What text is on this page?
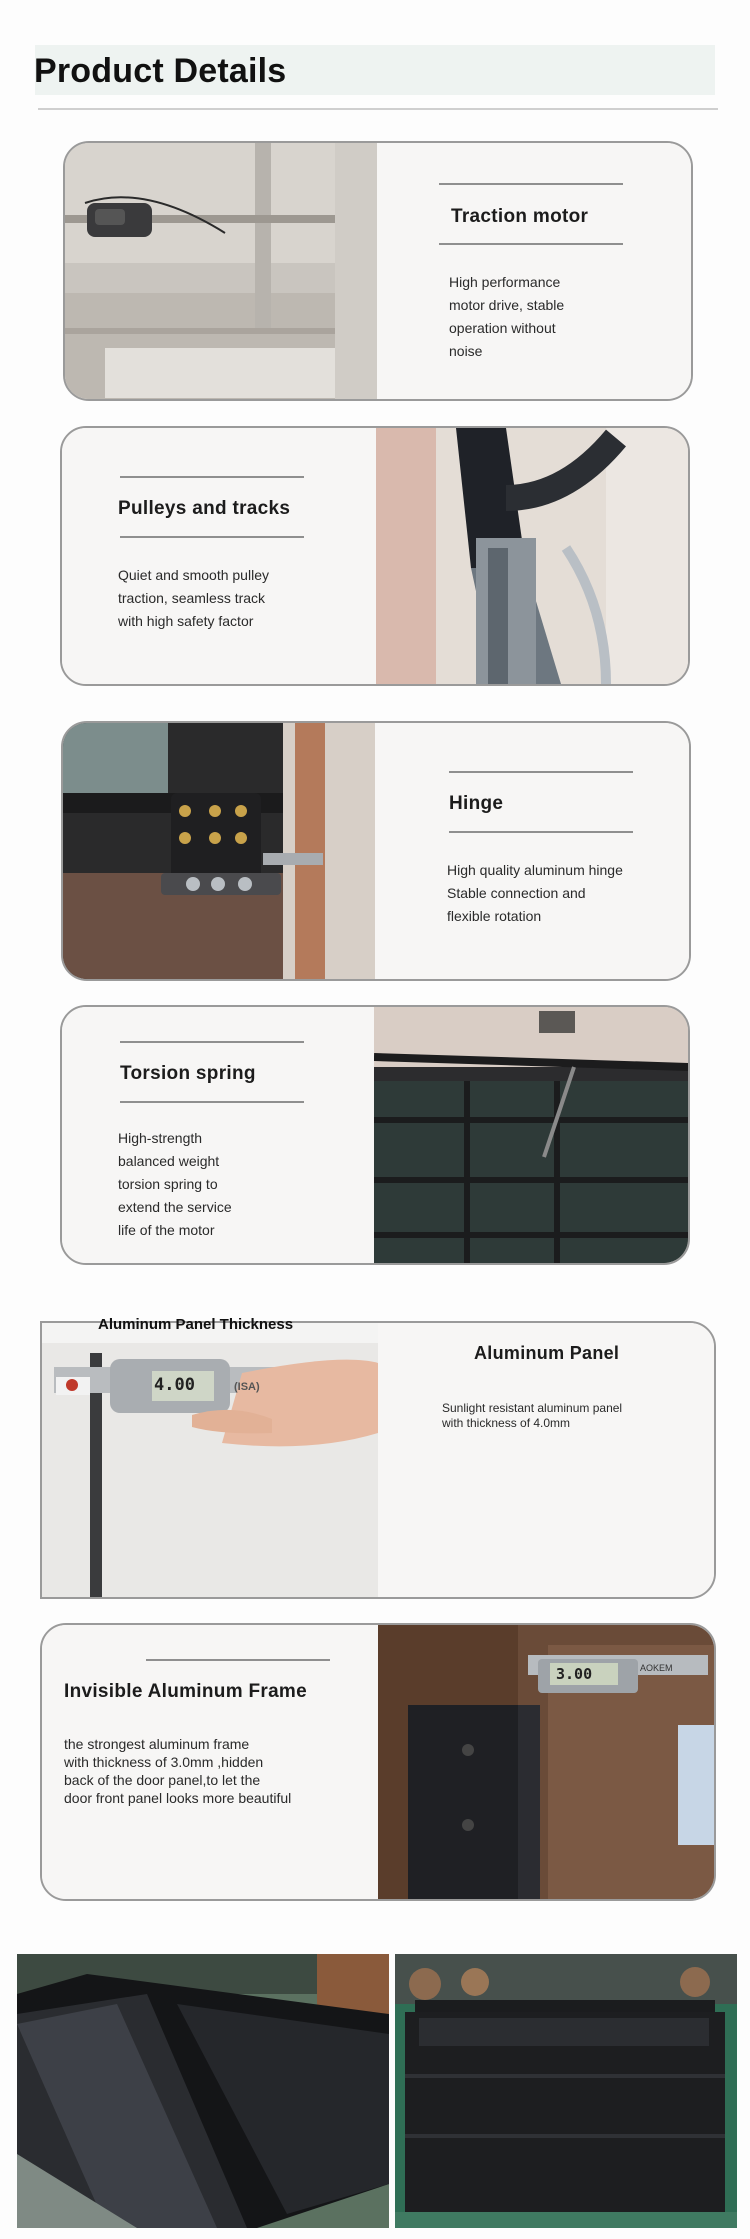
Product Details
Traction motor
High performance
motor drive, stable
operation without
noise
Pulleys and tracks
Quiet and smooth pulley
traction, seamless track
with high safety factor
Hinge
High quality aluminum hinge
Stable connection and
flexible rotation
Torsion spring
High-strength
balanced weight
torsion spring to
extend the service
life of the motor
4.00	(ISA)
Aluminum Panel
Sunlight resistant aluminum panel
with thickness of 4.0mm
Aluminum Panel Thickness
Invisible Aluminum Frame
the strongest aluminum frame
with thickness of 3.0mm ,hidden
back of the door panel,to let the
door front panel looks more beautiful
3.00	AOKEM
